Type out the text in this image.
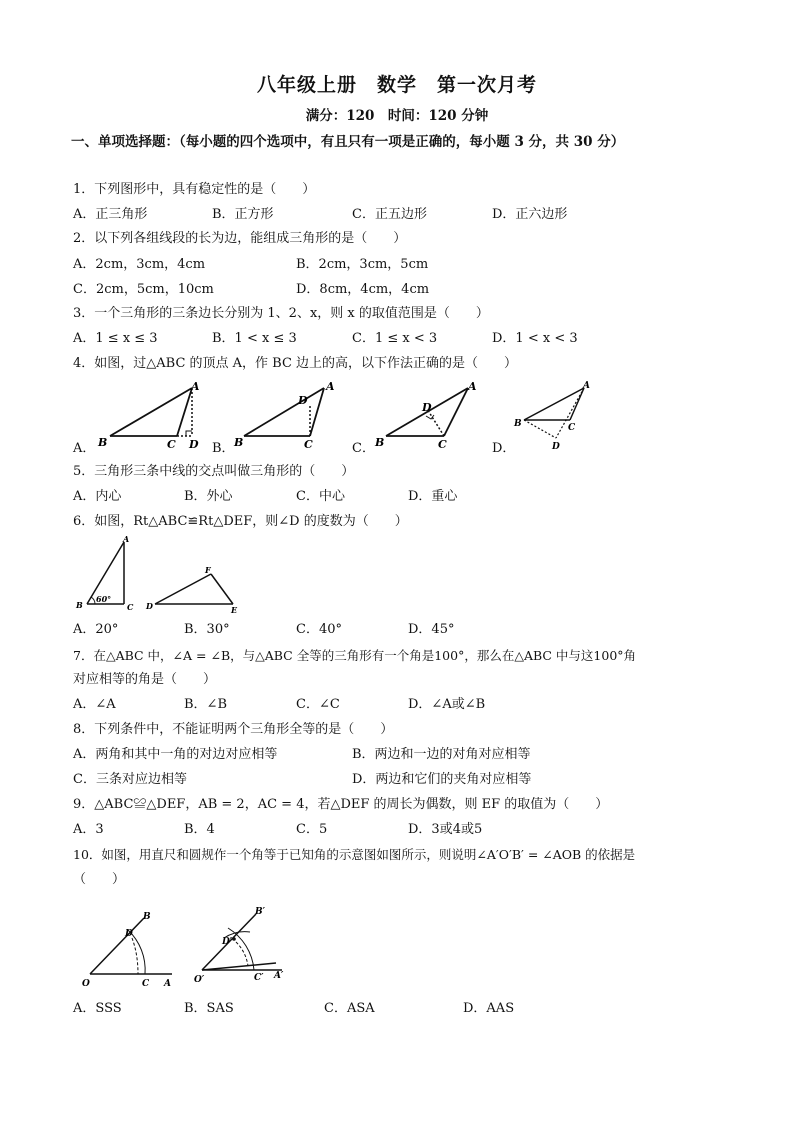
八年级上册　数学　第一次月考
满分：120　时间：120 分钟
一、单项选择题：（每小题的四个选项中，有且只有一项是正确的，每小题 3 分，共 30 分）
1．下列图形中，具有稳定性的是（　　）
A．正三角形	B．正方形	C．正五边形	D．正六边形
2．以下列各组线段的长为边，能组成三角形的是（　　）
A．2cm，3cm，4cm	B．2cm，3cm，5cm
C．2cm，5cm，10cm	D．8cm，4cm，4cm
3．一个三角形的三条边长分别为 1、2、x，则 x 的取值范围是（　　）
A．1 ≤ x ≤ 3	B．1 < x ≤ 3	C．1 ≤ x < 3	D．1 < x < 3
4．如图，过△ABC 的顶点 A，作 BC 边上的高，以下作法正确的是（　　）
A．	B．	C．	D．
B	C D
A
B	C
D
A
B	C
D
A
B	C
D
A
5．三角形三条中线的交点叫做三角形的（　　）
A．内心	B．外心	C．中心	D．重心
6．如图，Rt△ABC≌Rt△DEF，则∠D 的度数为（　　）
60°
B	C
A
D	E
F
A．20°	B．30°	C．40°	D．45°
7．在△ABC 中，∠A = ∠B，与△ABC 全等的三角形有一个角是100°，那么在△ABC 中与这100°角
对应相等的角是（　　）
A．∠A	B．∠B	C．∠C	D．∠A或∠B
8．下列条件中，不能证明两个三角形全等的是（　　）
A．两角和其中一角的对边对应相等	B．两边和一边的对角对应相等
C．三条对应边相等	D．两边和它们的夹角对应相等
9．△ABC≌△DEF，AB = 2，AC = 4，若△DEF 的周长为偶数，则 EF 的取值为（　　）
A．3	B．4	C．5	D．3或4或5
10．如图，用直尺和圆规作一个角等于已知角的示意图如图所示，则说明∠A′O′B′ = ∠AOB 的依据是
（　　）
O	C A
D
B
O′	C′ A′
D′
B′
A．SSS	B．SAS	C．ASA	D．AAS
